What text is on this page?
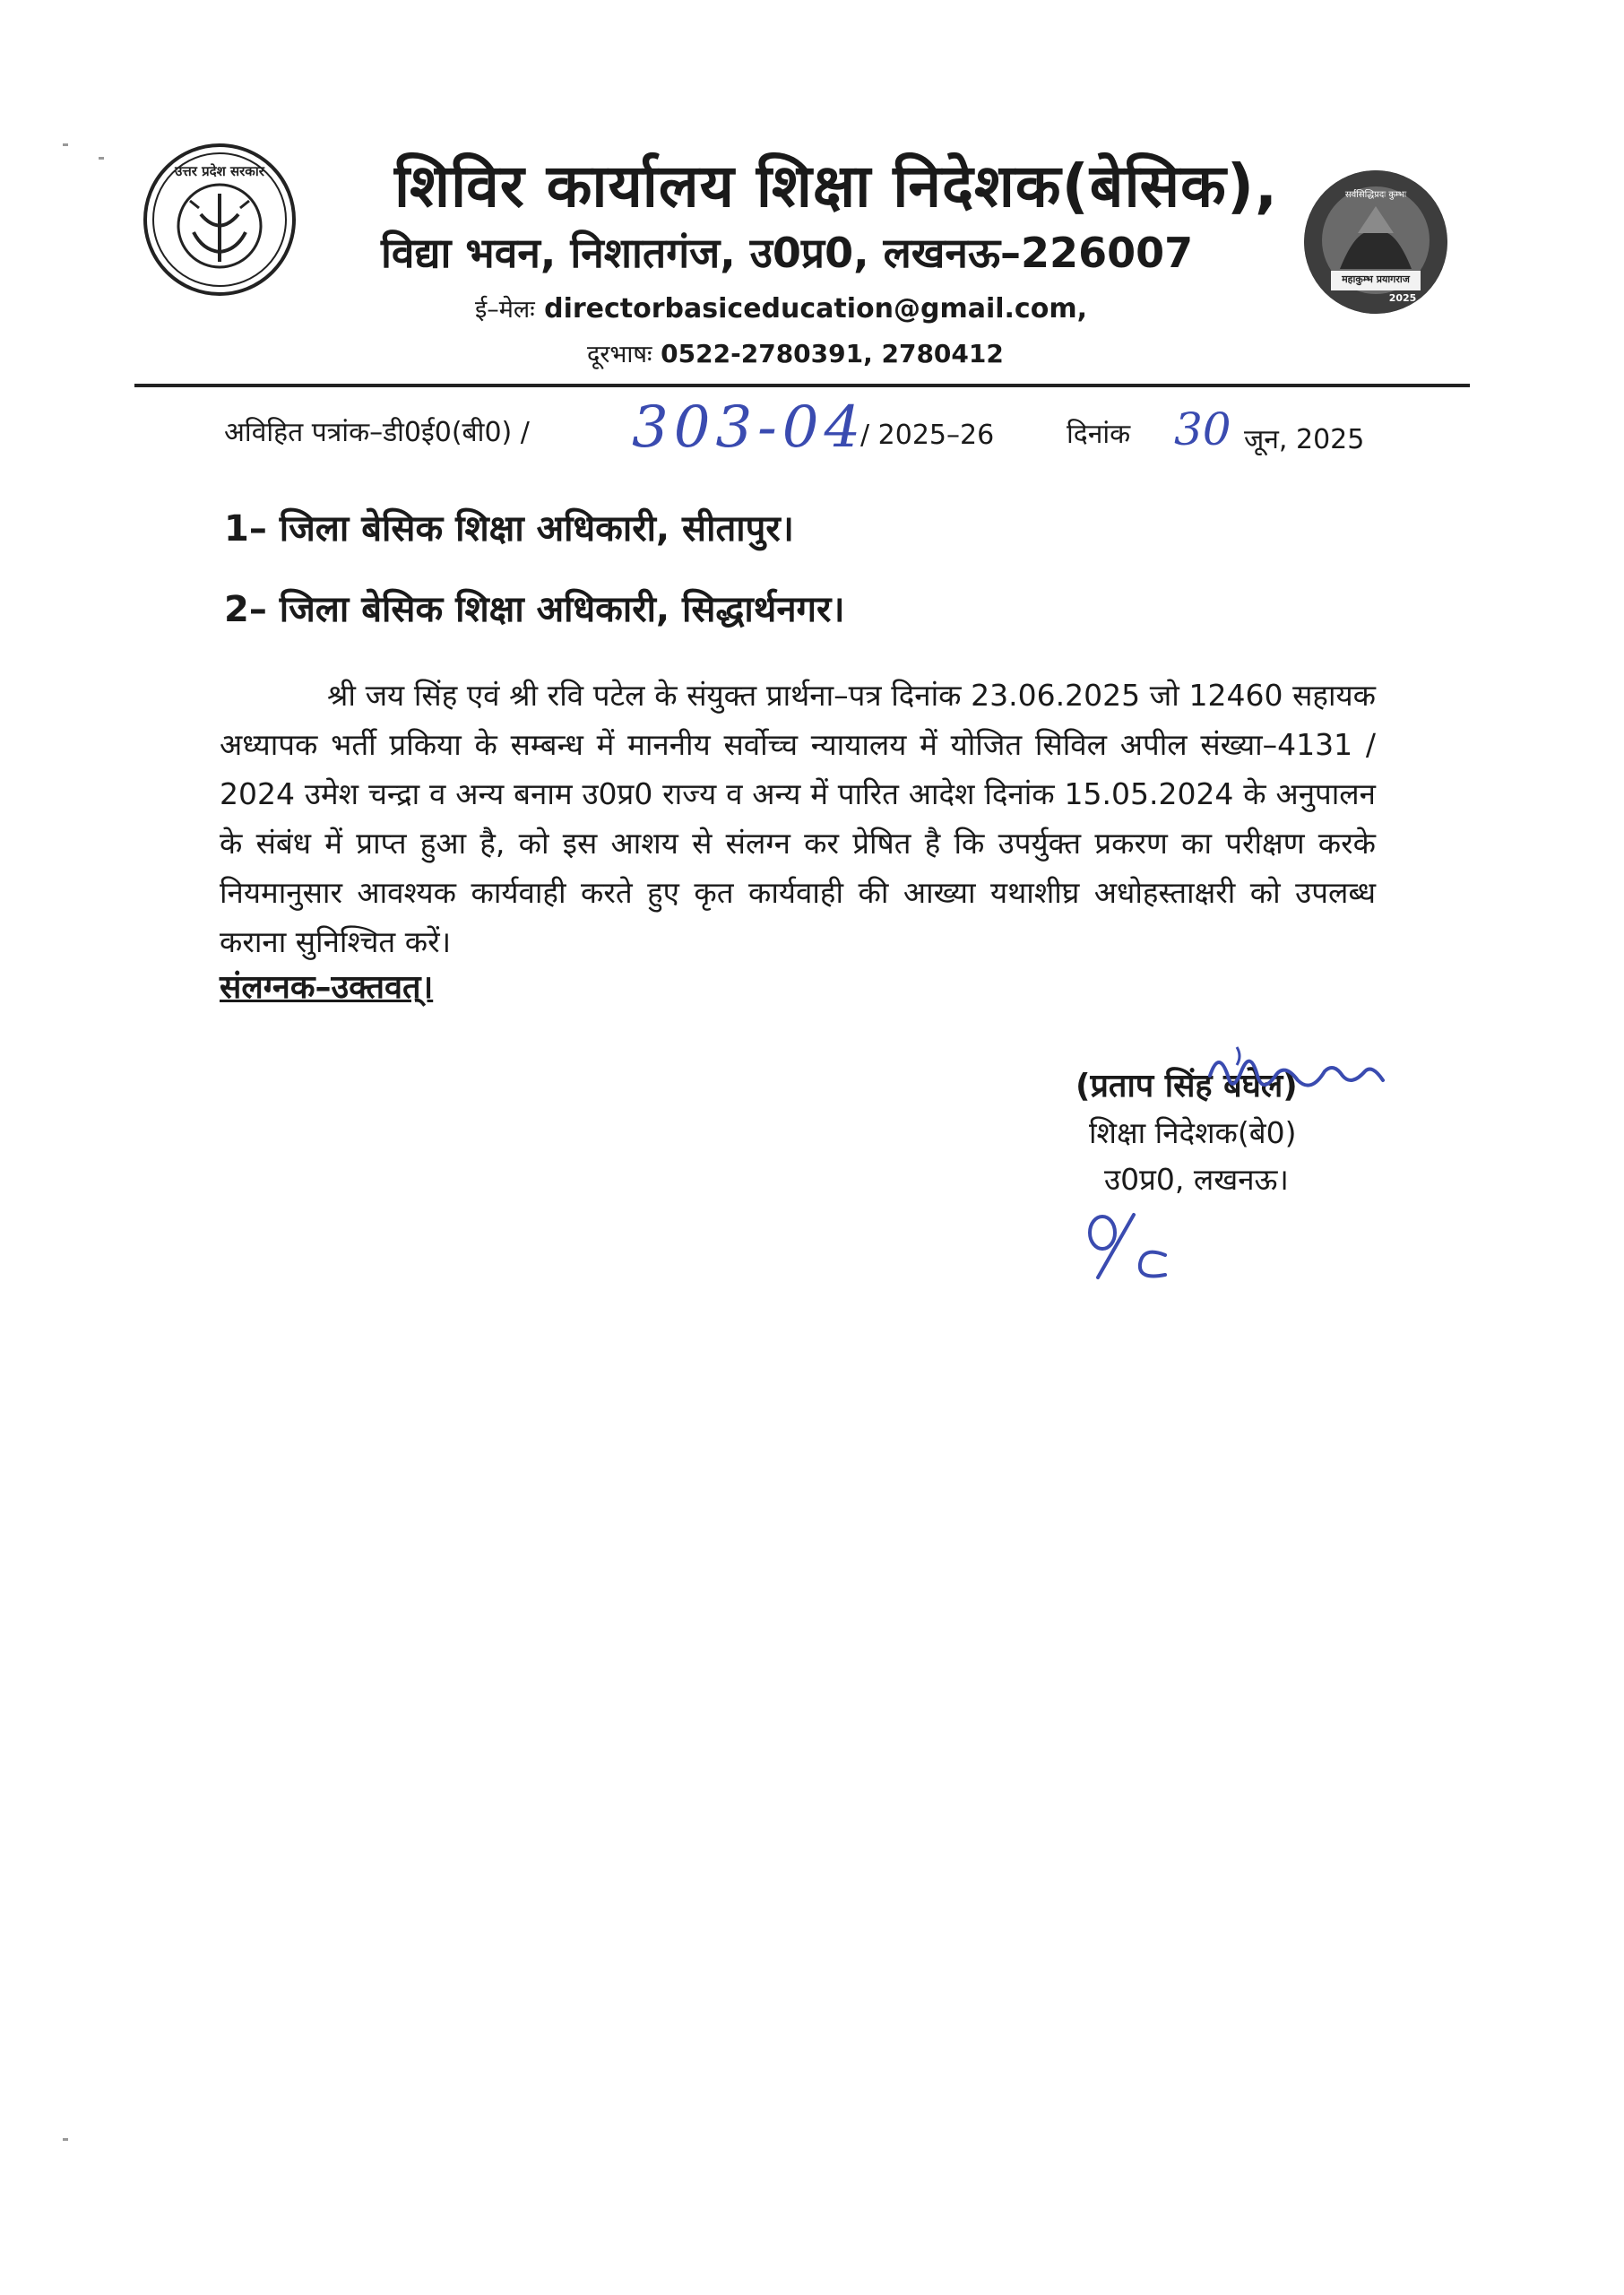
उत्तर प्रदेश सरकार शिविर कार्यालय शिक्षा निदेशक(बेसिक),
विद्या भवन, निशातगंज, उ0प्र0, लखनऊ–226007
ई–मेलः directorbasiceducation@gmail.com,
दूरभाषः 0522-2780391, 2780412
सर्वसिद्धिप्रदः कुम्भः
महाकुम्भ प्रयागराज
2025
अविहित पत्रांक–डी0ई0(बी0) / 303-04
/ 2025–26	दिनांक 30 जून, 2025
1– जिला बेसिक शिक्षा अधिकारी, सीतापुर।
2– जिला बेसिक शिक्षा अधिकारी, सिद्धार्थनगर।
श्री जय सिंह एवं श्री रवि पटेल के संयुक्त प्रार्थना–पत्र दिनांक 23.06.2025 जो 12460 सहायक अध्यापक भर्ती प्रकिया के सम्बन्ध में माननीय सर्वोच्च न्यायालय में योजित सिविल अपील संख्या–4131 / 2024 उमेश चन्द्रा व अन्य बनाम उ0प्र0 राज्य व अन्य में पारित आदेश दिनांक 15.05.2024 के अनुपालन के संबंध में प्राप्त हुआ है, को इस आशय से संलग्न कर प्रेषित है कि उपर्युक्त प्रकरण का परीक्षण करके नियमानुसार आवश्यक कार्यवाही करते हुए कृत कार्यवाही की आख्या यथाशीघ्र अधोहस्ताक्षरी को उपलब्ध कराना सुनिश्चित करें।
संलग्नक–उक्तवत्।
(प्रताप सिंह बघेल)
शिक्षा निदेशक(बे0)
उ0प्र0, लखनऊ।
